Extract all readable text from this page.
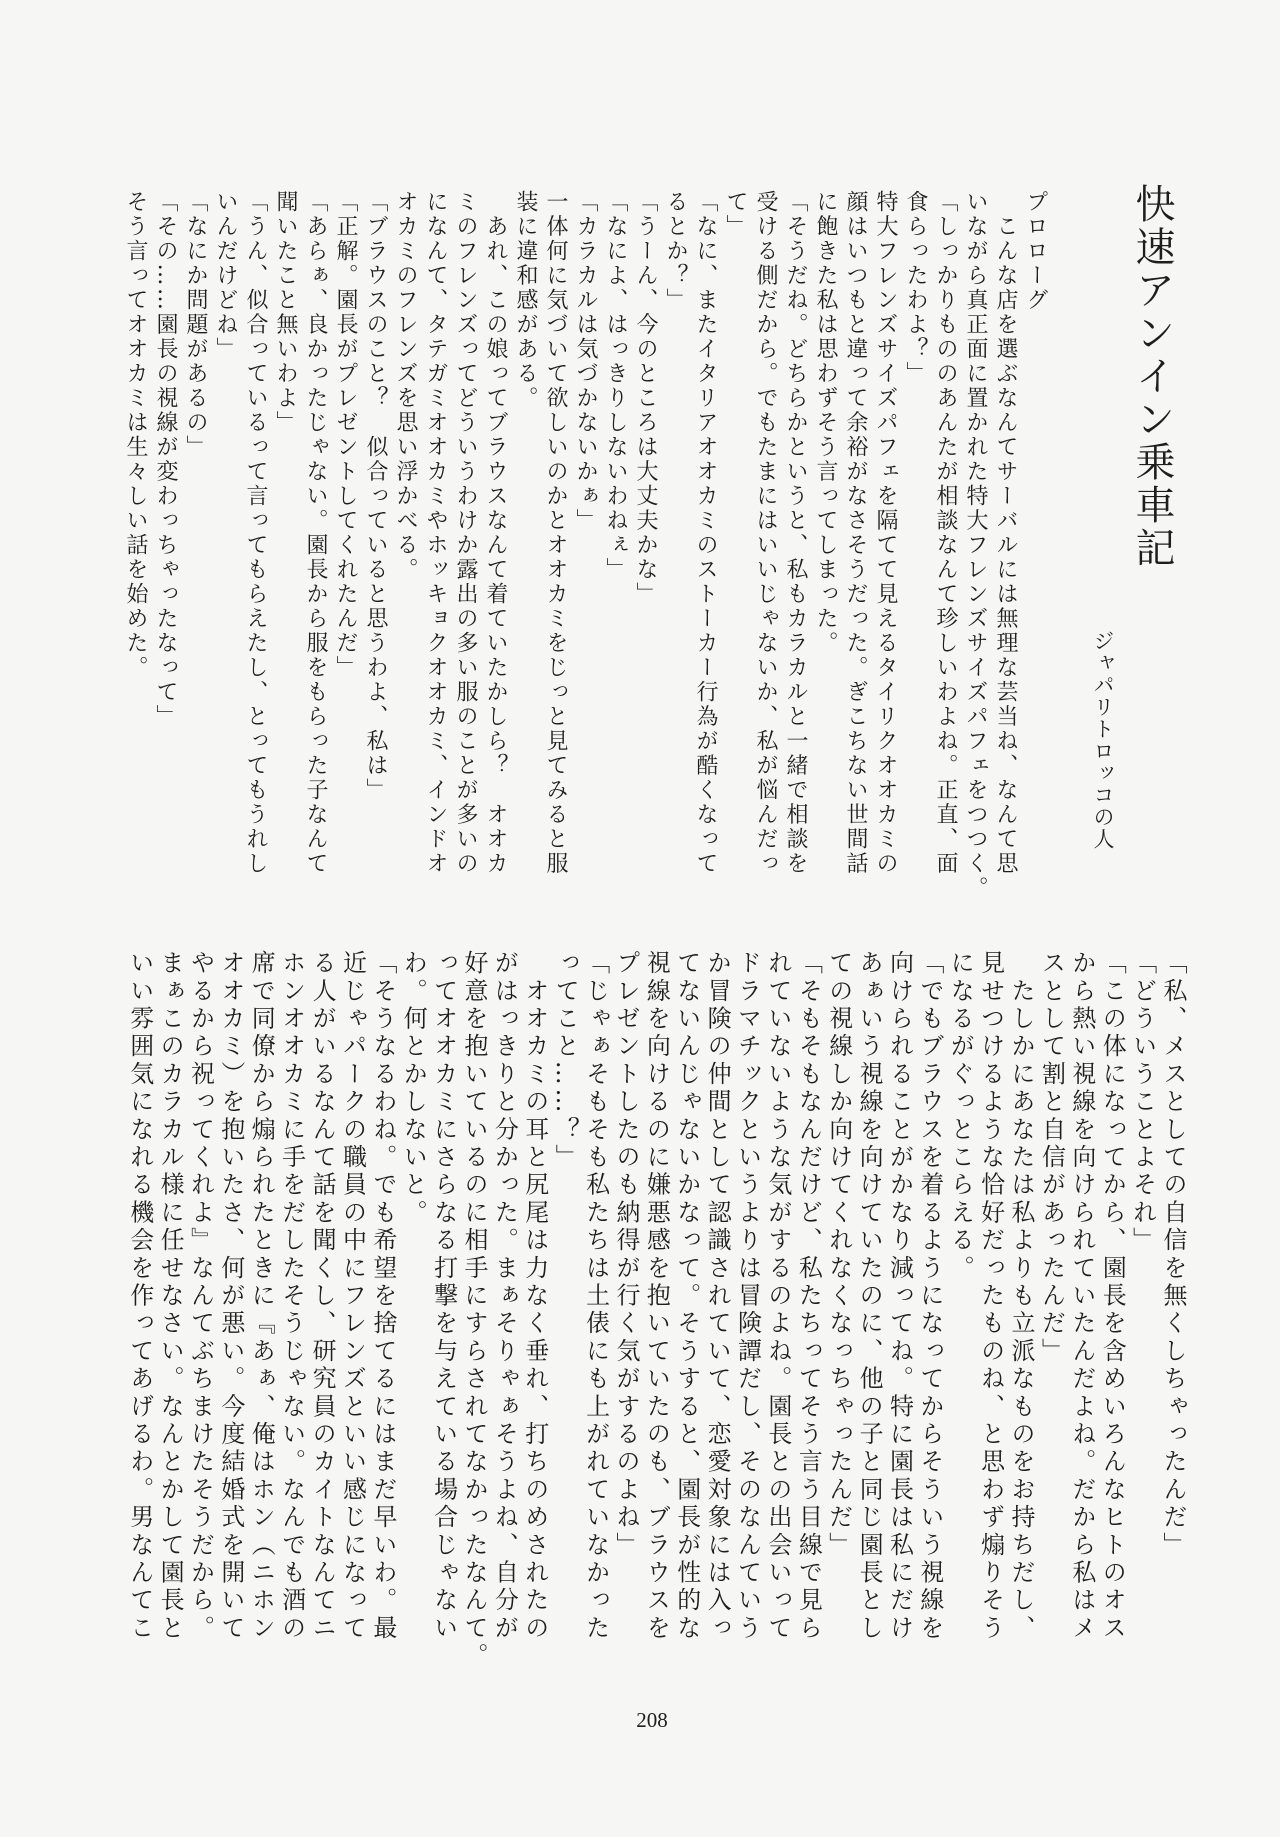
快速アンイン乗車記
ジャパリトロッコの人
プロローグ
　こんな店を選ぶなんてサーバルには無理な芸当ね、なんて思
いながら真正面に置かれた特大フレンズサイズパフェをつつく。
「しっかりもののあんたが相談なんて珍しいわよね。正直、面
食らったわよ？」
特大フレンズサイズパフェを隔てて見えるタイリクオオカミの
顔はいつもと違って余裕がなさそうだった。ぎこちない世間話
に飽きた私は思わずそう言ってしまった。
「そうだね。どちらかというと、私もカラカルと一緒で相談を
受ける側だから。でもたまにはいいじゃないか、私が悩んだっ
て」
「なに、またイタリアオオカミのストーカー行為が酷くなって
るとか？」
「うーん、今のところは大丈夫かな」
「なによ、はっきりしないわねぇ」
「カラカルは気づかないかぁ」
一体何に気づいて欲しいのかとオオカミをじっと見てみると服
装に違和感がある。
　あれ、この娘ってブラウスなんて着ていたかしら？　オオカ
ミのフレンズってどういうわけか露出の多い服のことが多いの
になんて、タテガミオオカミやホッキョクオオカミ、インドオ
オカミのフレンズを思い浮かべる。
「ブラウスのこと？　似合っていると思うわよ、私は」
「正解。園長がプレゼントしてくれたんだ」
「あらぁ、良かったじゃない。園長から服をもらった子なんて
聞いたこと無いわよ」
「うん、似合っているって言ってもらえたし、とってもうれし
いんだけどね」
「なにか問題があるの」
「その……園長の視線が変わっちゃったなって」
そう言ってオオカミは生々しい話を始めた。
「私、メスとしての自信を無くしちゃったんだ」
「どういうことよそれ」
「この体になってから、園長を含めいろんなヒトのオス
から熱い視線を向けられていたんだよね。だから私はメ
スとして割と自信があったんだ」
　たしかにあなたは私よりも立派なものをお持ちだし、
見せつけるような恰好だったものね、と思わず煽りそう
になるがぐっとこらえる。
「でもブラウスを着るようになってからそういう視線を
向けられることがかなり減ってね。特に園長は私にだけ
あぁいう視線を向けていたのに、他の子と同じ園長とし
ての視線しか向けてくれなくなっちゃったんだ」
「そもそもなんだけど、私たちってそう言う目線で見ら
れていないような気がするのよね。園長との出会いって
ドラマチックというよりは冒険譚だし、そのなんていう
か冒険の仲間として認識されていて、恋愛対象には入っ
てないんじゃないかなって。そうすると、園長が性的な
視線を向けるのに嫌悪感を抱いていたのも、ブラウスを
プレゼントしたのも納得が行く気がするのよね」
「じゃぁそもそも私たちは土俵にも上がれていなかった
ってこと……？」
　オオカミの耳と尻尾は力なく垂れ、打ちのめされたの
がはっきりと分かった。まぁそりゃぁそうよね、自分が
好意を抱いているのに相手にすらされてなかったなんて。
ってオオカミにさらなる打撃を与えている場合じゃない
わ。何とかしないと。
「そうなるわね。でも希望を捨てるにはまだ早いわ。最
近じゃパークの職員の中にフレンズといい感じになって
る人がいるなんて話を聞くし、研究員のカイトなんてニ
ホンオオカミに手をだしたそうじゃない。なんでも酒の
席で同僚から煽られたときに『あぁ、俺はホン（ニホン
オオカミ）を抱いたさ、何が悪い。今度結婚式を開いて
やるから祝ってくれよ』なんてぶちまけたそうだから。
まぁこのカラカル様に任せなさい。なんとかして園長と
いい雰囲気になれる機会を作ってあげるわ。男なんてこ
208
